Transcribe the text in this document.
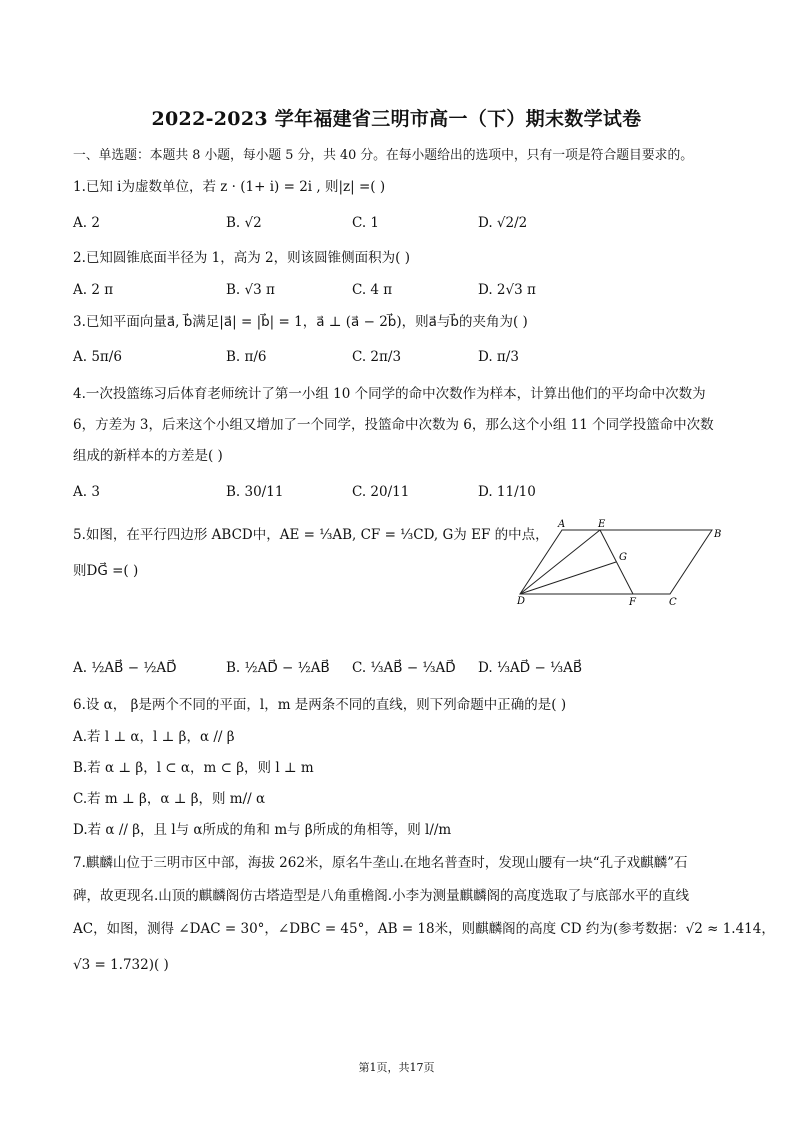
2022-2023 学年福建省三明市高一（下）期末数学试卷
一、单选题：本题共 8 小题，每小题 5 分，共 40 分。在每小题给出的选项中，只有一项是符合题目要求的。
1.已知 i为虚数单位，若 z · (1+ i) = 2i , 则|z| =( )
A. 2	B. √2	C. 1	D. √2/2
2.已知圆锥底面半径为 1，高为 2，则该圆锥侧面积为( )
A. 2 π	B. √3 π	C. 4 π	D. 2√3 π
3.已知平面向量a⃗, b⃗满足|a⃗| = |b⃗| = 1，a⃗ ⊥ (a⃗ − 2b⃗)，则a⃗与b⃗的夹角为( )
A. 5π/6	B. π/6	C. 2π/3	D. π/3
4.一次投篮练习后体育老师统计了第一小组 10 个同学的命中次数作为样本，计算出他们的平均命中次数为
6，方差为 3，后来这个小组又增加了一个同学，投篮命中次数为 6，那么这个小组 11 个同学投篮命中次数
组成的新样本的方差是( )
A. 3	B. 30/11	C. 20/11	D. 11/10
5.如图，在平行四边形 ABCD中，AE = ⅓AB, CF = ⅓CD, G为 EF 的中点，
则DG⃗ =( )
A	E
B
G
D	F	C
A. ½AB⃗ − ½AD⃗	B. ½AD⃗ − ½AB⃗ C. ⅓AB⃗ − ⅓AD⃗ D. ⅓AD⃗ − ⅓AB⃗
6.设 α， β是两个不同的平面，l，m 是两条不同的直线，则下列命题中正确的是( )
A.若 l ⊥ α，l ⊥ β，α // β
B.若 α ⊥ β，l ⊂ α，m ⊂ β，则 l ⊥ m
C.若 m ⊥ β，α ⊥ β，则 m// α
D.若 α // β，且 l与 α所成的角和 m与 β所成的角相等，则 l//m
7.麒麟山位于三明市区中部，海拔 262米，原名牛垄山.在地名普查时，发现山腰有一块“孔子戏麒麟”石
碑，故更现名.山顶的麒麟阁仿古塔造型是八角重檐阁.小李为测量麒麟阁的高度选取了与底部水平的直线
AC，如图，测得 ∠DAC = 30°，∠DBC = 45°，AB = 18米，则麒麟阁的高度 CD 约为(参考数据：√2 ≈ 1.414，
√3 = 1.732)( )
第1页，共17页
